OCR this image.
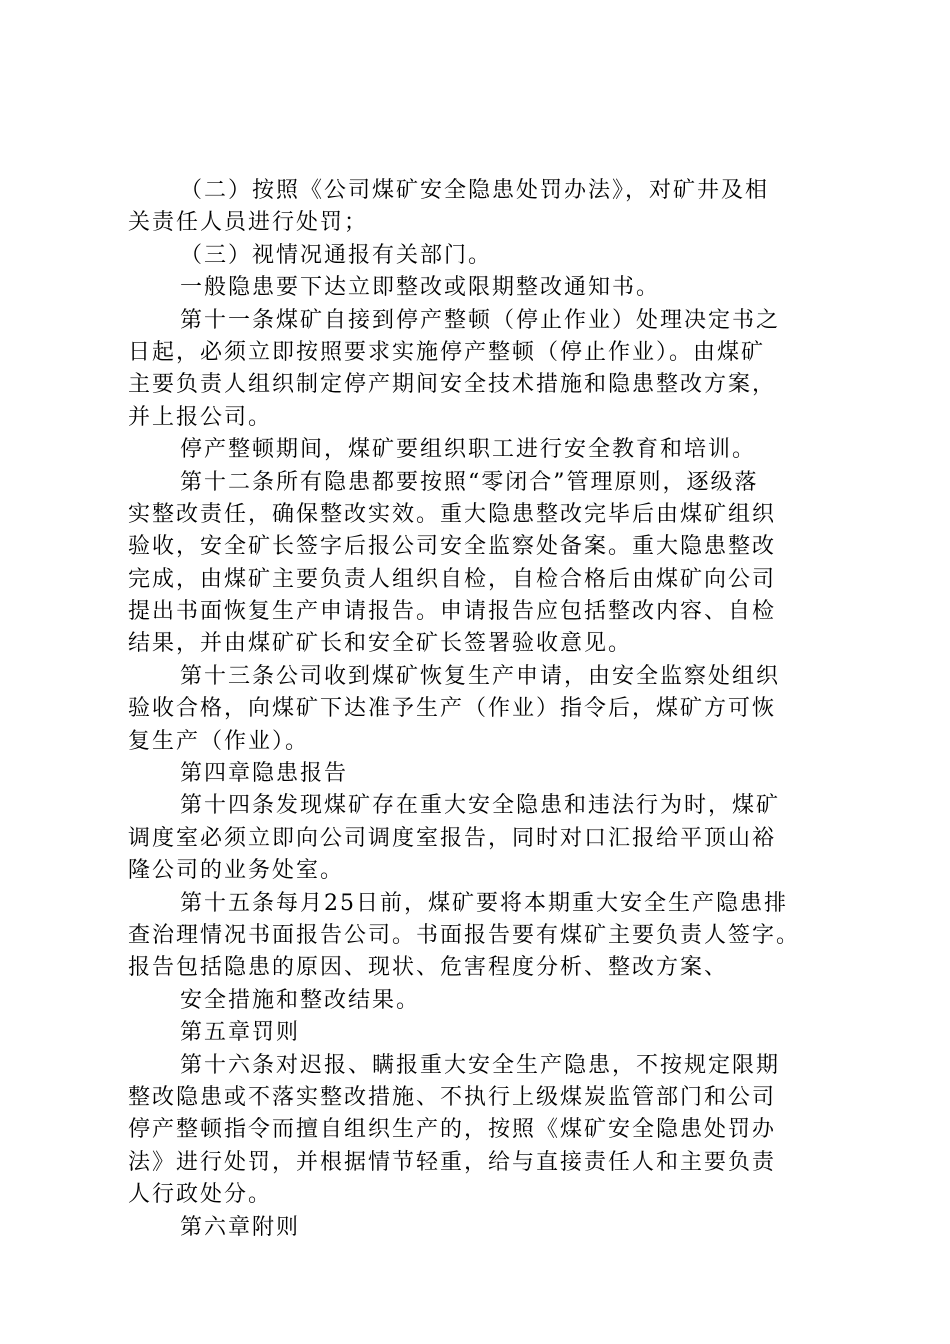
（二）按照《公司煤矿安全隐患处罚办法》，对矿井及相
关责任人员进行处罚；
（三）视情况通报有关部门。
一般隐患要下达立即整改或限期整改通知书。
第十一条煤矿自接到停产整顿（停止作业）处理决定书之
日起，必须立即按照要求实施停产整顿（停止作业）。由煤矿
主要负责人组织制定停产期间安全技术措施和隐患整改方案，
并上报公司。
停产整顿期间，煤矿要组织职工进行安全教育和培训。
第十二条所有隐患都要按照“零闭合”管理原则，逐级落
实整改责任，确保整改实效。重大隐患整改完毕后由煤矿组织
验收，安全矿长签字后报公司安全监察处备案。重大隐患整改
完成，由煤矿主要负责人组织自检，自检合格后由煤矿向公司
提出书面恢复生产申请报告。申请报告应包括整改内容、自检
结果，并由煤矿矿长和安全矿长签署验收意见。
第十三条公司收到煤矿恢复生产申请，由安全监察处组织
验收合格，向煤矿下达准予生产（作业）指令后，煤矿方可恢
复生产（作业）。
第四章隐患报告
第十四条发现煤矿存在重大安全隐患和违法行为时，煤矿
调度室必须立即向公司调度室报告，同时对口汇报给平顶山裕
隆公司的业务处室。
第十五条每月25日前，煤矿要将本期重大安全生产隐患排
查治理情况书面报告公司。书面报告要有煤矿主要负责人签字。
报告包括隐患的原因、现状、危害程度分析、整改方案、
安全措施和整改结果。
第五章罚则
第十六条对迟报、瞒报重大安全生产隐患，不按规定限期
整改隐患或不落实整改措施、不执行上级煤炭监管部门和公司
停产整顿指令而擅自组织生产的，按照《煤矿安全隐患处罚办
法》进行处罚，并根据情节轻重，给与直接责任人和主要负责
人行政处分。
第六章附则
